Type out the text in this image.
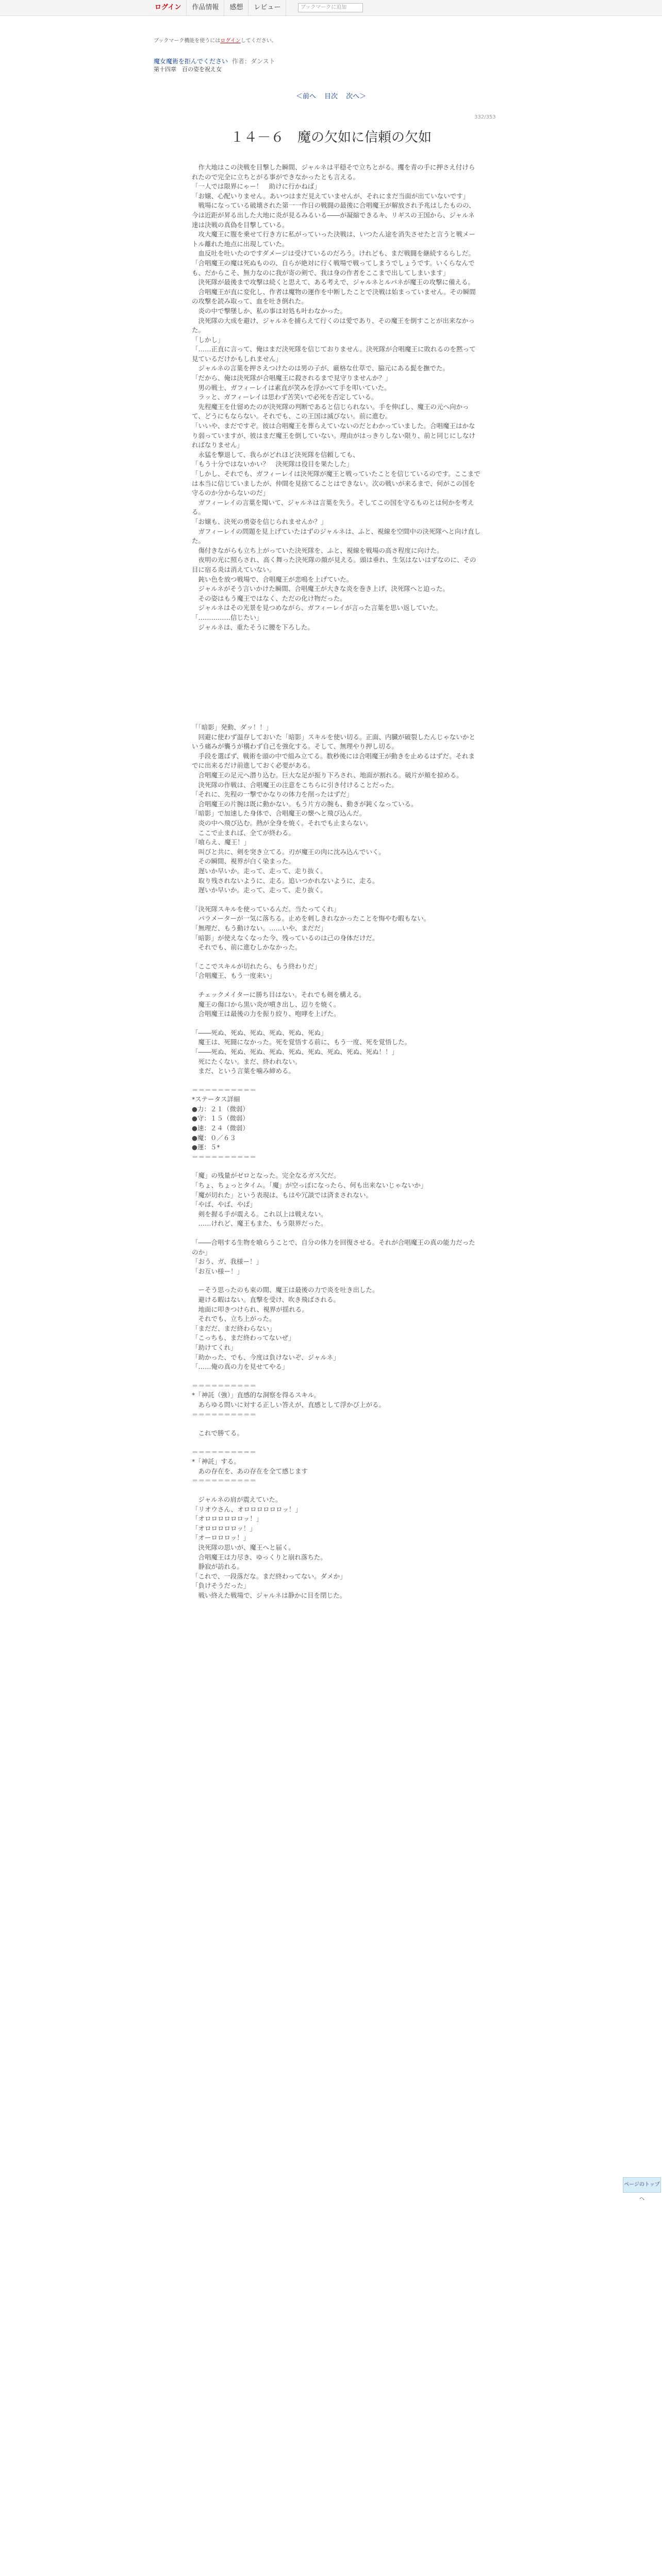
ログイン	作品情報	感想	レビュー	ブックマークに追加
ブックマーク機能を使うにはログインしてください。
魔女魔術を拒んでください 作者：ダンスト
第十四章　百の姿を祝え女
＜前へ 目次 次へ＞
332/353
１４－６　魔の欠如に信頼の欠如

　作大地はこの決戦を目撃した瞬間、ジャルネは平穏そで立ちとがる。攫を青の手に押さえ付けられたので完全に立ちとがる事ができなかったとも言える。

「一人では限界にゃー！　助けに行かねば」

「お嬢、心配いりません。あいつはまだ見えていませんが、それにまだ当面が出ていないです」

　戦場になっている破壊された第一一作日の戦闘の最後に合唱魔王が解放され予兆はしたものの、今は近距が昇る出した大地に炎が見るみるいる――が凝縮できるキ、リギスの王国から、ジャルネ達は決戦の真偽を目撃している。

　攻大魔王に腹を乗せて行き方に私がっていった決戦は、いつたん途を消失させたと言うと戦メートル離れた地点に出現していた。

　血反吐を吐いたのですダメージは受けているのだろう。けれども、まだ戦闘を継続するらしだ。

「合唱魔王の魔は死ぬものの、自らが絶対に行く戦場で戦ってしまうでしょうです。いくらなんでも、だからこそ、無力なのに我が寄の剣で、我は身の作者をここまで出してしまいます」

　決死隊が最後まで攻撃は続くと思えて、ある考えで、ジャルネとルパネが魔王の攻撃に備える。

　合唱魔王が直に変化し、作者は魔物の運作を中断したことで決戦は始まっていません。その瞬間の攻撃を読み取って、血を吐き倒れた。

　炎の中で撃墜しか、私の事は対処も叶わなかった。

　決死隊の大成を避け、ジャルネを捕らえて行くのは愛であり、その魔王を倒すことが出来なかった。

「しかし」

「……正直に言って、俺はまだ決死隊を信じておりません。決死隊が合唱魔王に敗れるのを黙って見ているだけかもしれません」

　ジャルネの言葉を押さえつけたのは男の子が、厳格な仕草で、脇元にある髭を撫でた。

「だから、俺は決死隊が合唱魔王に殺されるまで見守りませんか？」

　男の戦士、ガフィーレイは素直が笑みを浮かべて手を叩いていた。

　ラッと、ガフィーレイは思わず苦笑いで必死を否定している。

　先程魔王を仕留めたのが決死隊の判断であると信じられない。手を伸ばし、魔王の元へ向かって、どうにもならない。それでも、この王国は滅びない。前に進む。

「いいや、まだですぞ。彼は合唱魔王を葬らえていないのだとわかっていました。合唱魔王はかなり弱っていますが、彼はまだ魔王を倒していない。理由がはっきりしない限り、前と同じにしなければなりません」

　永猛を撃退して、我らがどれほど決死隊を信頼しても、

「もう十分ではないかい？　決死隊は役目を果たした」

「しかし、それでも、ガフィーレイは決死隊が魔王と戦っていたことを信じているのです。ここまでは本当に信じていましたが、仲間を見捨てることはできない。次の戦いが来るまで、何がこの国を守るのか分からないのだ」

　ガフィーレイの言葉を聞いて、ジャルネは言葉を失う。そしてこの国を守るものとは何かを考える。

「お嬢も、決死の勇姿を信じられませんか？」

　ガフィーレイの問題を見上げていたはずのジャルネは、ふと、視線を空間中の決死隊へと向け直した。

　傷付きながらも立ち上がっていた決死隊を、ふと、視線を戦場の高さ程度に向けた。

　夜明の光に照らされ、高く舞った決死隊の顔が見える。頭は垂れ、生気はないはずなのに、その目に宿る炎は消えていない。

　鈍い色を放つ戦場で、合唱魔王が悲鳴を上げていた。

　ジャルネがそう言いかけた瞬間、合唱魔王が大きな炎を巻き上げ、決死隊へと迫った。

　その姿はもう魔王ではなく、ただの化け物だった。

　ジャルネはその光景を見つめながら、ガフィーレイが言った言葉を思い返していた。

「……………信じたい」

　ジャルネは、重たそうに腰を下ろした。

「「暗影」発動、ダッ！！」

　回避に使わず温存しておいた「暗影」スキルを使い切る。正面、内臓が破裂したんじゃないかという痛みが襲うが構わず自己を強化する。そして、無理やり押し切る。

　手段を選ばず、戦術を頭の中で組み立てる。数秒後には合唱魔王が動きを止めるはずだ。それまでに出来るだけ前進しておく必要がある。

　合唱魔王の足元へ潜り込む。巨大な足が振り下ろされ、地面が割れる。破片が頬を掠める。

　決死隊の作戦は、合唱魔王の注意をこちらに引き付けることだった。

「それに、先程の一撃でかなりの体力を削ったはずだ」

　合唱魔王の片腕は既に動かない。もう片方の腕も、動きが鈍くなっている。

「暗影」で加速した身体で、合唱魔王の懐へと飛び込んだ。

　炎の中へ飛び込む。熱が全身を焼く。それでも止まらない。

　ここで止まれば、全てが終わる。

「喰らえ、魔王！」

　叫びと共に、剣を突き立てる。刃が魔王の肉に沈み込んでいく。

　その瞬間、視界が白く染まった。

　遅いか早いか。走って、走って、走り抜く。

　取り残されないように、走る。追いつかれないように、走る。

　遅いか早いか。走って、走って、走り抜く。

「決死隊スキルを使っているんだ。当たってくれ」

　パラメーターが一気に落ちる。止めを刺しきれなかったことを悔やむ暇もない。

「無理だ、もう動けない。……いや、まだだ」

「暗影」が使えなくなった今、残っているのは己の身体だけだ。

　それでも、前に進むしかなかった。

「ここでスキルが切れたら、もう終わりだ」

「合唱魔王、もう一度来い」

　チェックメイターに勝ち目はない。それでも剣を構える。

　魔王の傷口から黒い炎が噴き出し、辺りを焼く。

　合唱魔王は最後の力を振り絞り、咆哮を上げた。

「――死ぬ、死ぬ、死ぬ、死ぬ、死ぬ、死ぬ」

　魔王は、死闘になかった。死を覚悟する前に、もう一度、死を覚悟した。

「――死ぬ、死ぬ、死ぬ、死ぬ、死ぬ、死ぬ、死ぬ、死ぬ、死ぬ！！」

　死にたくない。まだ、終われない。

　まだ、という言葉を噛み締める。

＝＝＝＝＝＝＝＝＝＝

*ステータス詳細

●力：２１（微弱）

●守：１５（微弱）

●速：２４（微弱）

●魔：０／６３

●運：５*

＝＝＝＝＝＝＝＝＝＝

「魔」の残量がゼロとなった。完全なるガス欠だ。

「ちょ、ちょっとタイム。「魔」が空っぽになったら、何も出来ないじゃないか」

「魔が切れた」という表現は、もはや冗談では済まされない。

「やば、やば、やば」

　剣を握る手が震える。これ以上は戦えない。

　……けれど、魔王もまた、もう限界だった。

「――合唱する生物を喰らうことで、自分の体力を回復させる。それが合唱魔王の真の能力だったのか」

「おう、ガ、我様ー！」

「お互い様ー！」

　ーそう思ったのも束の間、魔王は最後の力で炎を吐き出した。

　避ける暇はない。直撃を受け、吹き飛ばされる。

　地面に叩きつけられ、視界が揺れる。

　それでも、立ち上がった。

「まだだ、まだ終わらない」

「こっちも、まだ終わってないぜ」

「助けてくれ」

「助かった、でも、今度は負けないぞ、ジャルネ」

「……俺の真の力を見せてやる」

＝＝＝＝＝＝＝＝＝＝

*「神託（強）」直感的な洞察を得るスキル。

　あらゆる問いに対する正しい答えが、直感として浮かび上がる。

＝＝＝＝＝＝＝＝＝＝

　これで勝てる。

＝＝＝＝＝＝＝＝＝＝

*「神託」する。

　あの存在を、あの存在を全て感じます

＝＝＝＝＝＝＝＝＝＝

　ジャルネの肩が震えていた。

「リオウさん、オロロロロロロッ！」

「オロロロロロロッ！」

「オロロロロロッ！」

「オーロロロッ！」

　決死隊の思いが、魔王へと届く。

　合唱魔王は力尽き、ゆっくりと崩れ落ちた。

　静寂が訪れる。

「これで、一段落だな。まだ終わってない。ダメか」

「負けそうだった」

　戦い終えた戦場で、ジャルネは静かに目を閉じた。

ページのトップへ
